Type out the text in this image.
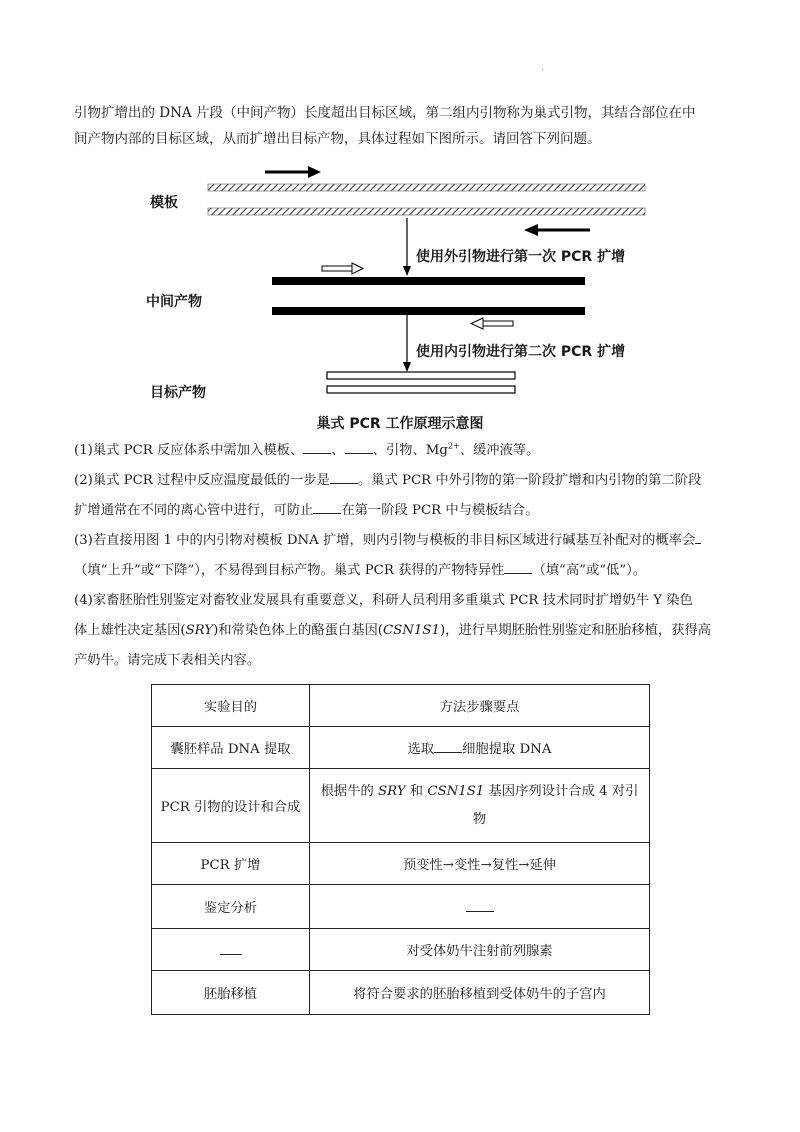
.

引物扩增出的 DNA 片段（中间产物）长度超出目标区域，第二组内引物称为巢式引物，其结合部位在中

间产物内部的目标区域，从而扩增出目标产物，具体过程如下图所示。请回答下列问题。

模板
中间产物
目标产物
使用外引物进行第一次 PCR 扩增
使用内引物进行第二次 PCR 扩增
巢式 PCR 工作原理示意图

(1)巢式 PCR 反应体系中需加入模板、 、 、引物、$Mg^{2+}$、缓冲液等。

(2)巢式 PCR 过程中反应温度最低的一步是 。巢式 PCR 中外引物的第一阶段扩增和内引物的第二阶段

扩增通常在不同的离心管中进行，可防止 在第一阶段 PCR 中与模板结合。

(3)若直接用图 1 中的内引物对模板 DNA 扩增，则内引物与模板的非目标区域进行碱基互补配对的概率会

（填“上升”或“下降”），不易得到目标产物。巢式 PCR 获得的产物特异性 （填“高”或“低”）。

(4)家畜胚胎性别鉴定对畜牧业发展具有重要意义，科研人员利用多重巢式 PCR 技术同时扩增奶牛 Y 染色

体上雄性决定基因(SRY)和常染色体上的酪蛋白基因(CSN1S1)，进行早期胚胎性别鉴定和胚胎移植，获得高

产奶牛。请完成下表相关内容。

实验目的	方法步骤要点
囊胚样品 DNA 提取	选取 细胞提取 DNA
PCR 引物的设计和合成	根据牛的 SRY 和 CSN1S1 基因序列设计合成 4 对引物
PCR 扩增	预变性→变性→复性→延伸
鉴定分析	
	对受体奶牛注射前列腺素
胚胎移植	将符合要求的胚胎移植到受体奶牛的子宫内
